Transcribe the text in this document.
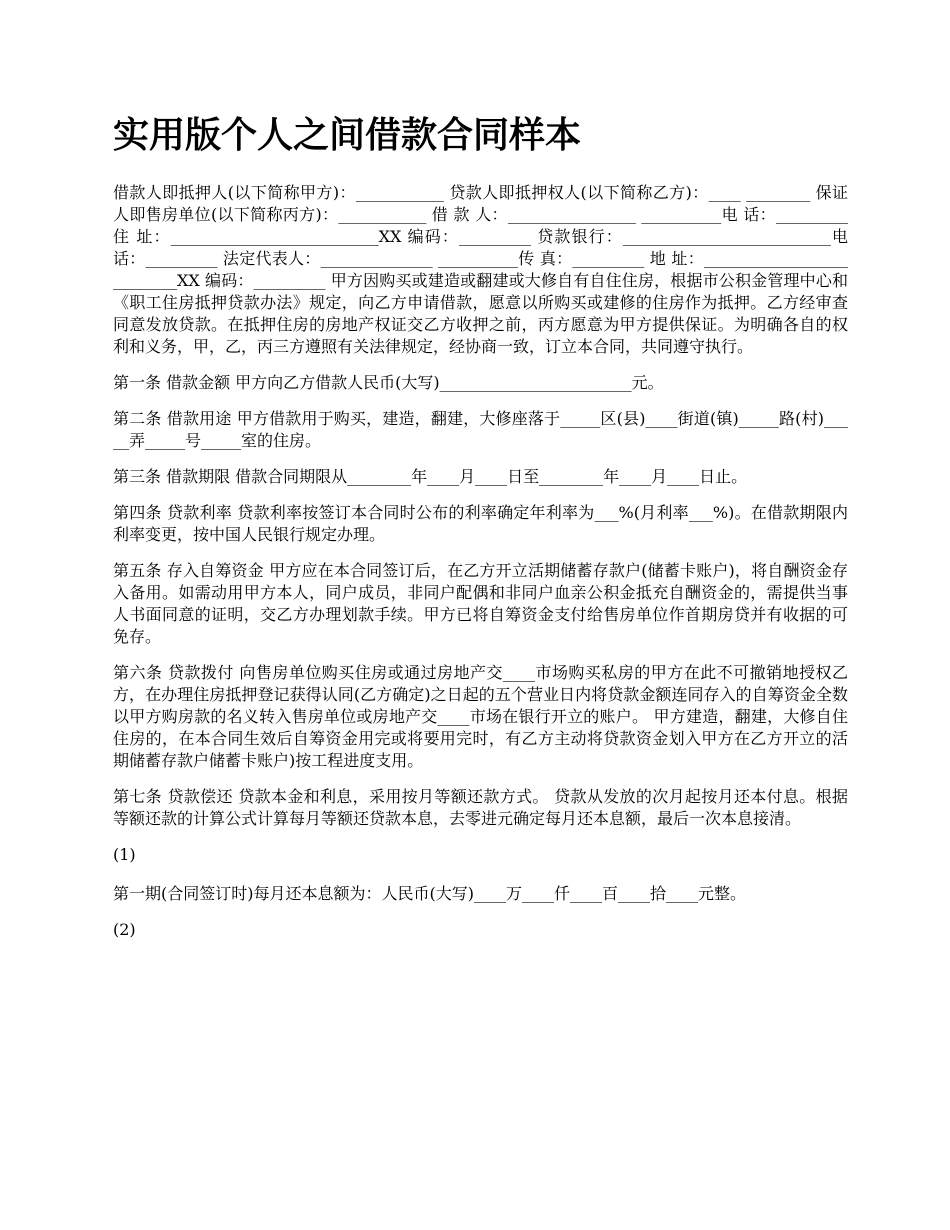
实用版个人之间借款合同样本

借款人即抵押人(以下简称甲方)：___________ 贷款人即抵押权人(以下简称乙方)：____ ________ 保证人即售房单位(以下简称丙方)：___________ 借 款 人：________________ __________电 话：_________ 住 址：__________________________XX 编码：_________ 贷款银行：__________________________电 话：_________ 法定代表人：______________ __________传 真：_________ 地 址：__________________________XX 编码：_________ 甲方因购买或建造或翻建或大修自有自住住房，根据市公积金管理中心和《职工住房抵押贷款办法》规定，向乙方申请借款，愿意以所购买或建修的住房作为抵押。乙方经审查同意发放贷款。在抵押住房的房地产权证交乙方收押之前，丙方愿意为甲方提供保证。为明确各自的权利和义务，甲，乙，丙三方遵照有关法律规定，经协商一致，订立本合同，共同遵守执行。

第一条 借款金额 甲方向乙方借款人民币(大写)________________________元。

第二条 借款用途 甲方借款用于购买，建造，翻建，大修座落于_____区(县)____街道(镇)_____路(村)_____弄_____号_____室的住房。

第三条 借款期限 借款合同期限从________年____月____日至________年____月____日止。

第四条 贷款利率 贷款利率按签订本合同时公布的利率确定年利率为___%(月利率___%)。在借款期限内利率变更，按中国人民银行规定办理。

第五条 存入自筹资金 甲方应在本合同签订后，在乙方开立活期储蓄存款户(储蓄卡账户)，将自酬资金存入备用。如需动用甲方本人，同户成员，非同户配偶和非同户血亲公积金抵充自酬资金的，需提供当事人书面同意的证明，交乙方办理划款手续。甲方已将自筹资金支付给售房单位作首期房贷并有收据的可免存。

第六条 贷款拨付 向售房单位购买住房或通过房地产交____市场购买私房的甲方在此不可撤销地授权乙方，在办理住房抵押登记获得认同(乙方确定)之日起的五个营业日内将贷款金额连同存入的自筹资金全数以甲方购房款的名义转入售房单位或房地产交____市场在银行开立的账户。 甲方建造，翻建，大修自住住房的，在本合同生效后自筹资金用完或将要用完时，有乙方主动将贷款资金划入甲方在乙方开立的活期储蓄存款户储蓄卡账户)按工程进度支用。

第七条 贷款偿还 贷款本金和利息，采用按月等额还款方式。 贷款从发放的次月起按月还本付息。根据等额还款的计算公式计算每月等额还贷款本息，去零进元确定每月还本息额，最后一次本息接清。

(1)

第一期(合同签订时)每月还本息额为：人民币(大写)____万____仟____百____拾____元整。

(2)
